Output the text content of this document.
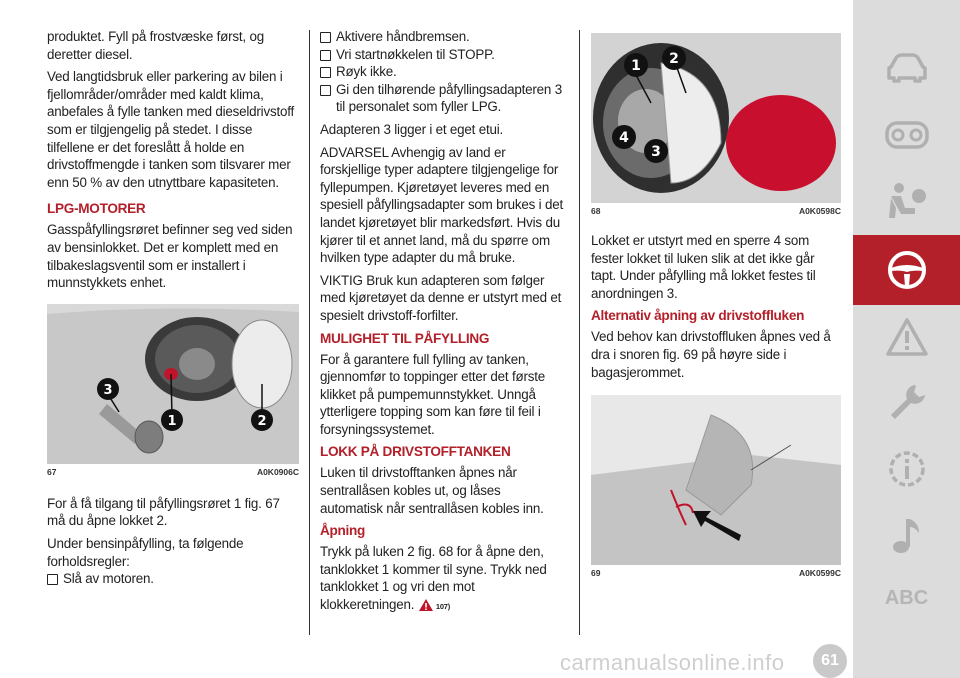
produktet. Fyll på frostvæske først, og deretter diesel.

Ved langtidsbruk eller parkering av bilen i fjellområder/områder med kaldt klima, anbefales å fylle tanken med dieseldrivstoff som er tilgjengelig på stedet. I disse tilfellene er det foreslått å holde en drivstoffmengde i tanken som tilsvarer mer enn 50 % av den utnyttbare kapasiteten.

LPG-MOTORER

Gasspåfyllingsrøret befinner seg ved siden av bensinlokket. Det er komplett med en tilbakeslagsventil som er installert i munnstykkets enhet.

3
1	2
67	A0K0906C

For å få tilgang til påfyllingsrøret 1 fig. 67 må du åpne lokket 2.

Under bensinpåfylling, ta følgende forholdsregler:

Slå av motoren.
Aktivere håndbremsen.
Vri startnøkkelen til STOPP.
Røyk ikke.
Gi den tilhørende påfyllingsadapteren 3 til personalet som fyller LPG.

Adapteren 3 ligger i et eget etui.

ADVARSEL Avhengig av land er forskjellige typer adaptere tilgjengelige for fyllepumpen. Kjøretøyet leveres med en spesiell påfyllingsadapter som brukes i det landet kjøretøyet blir markedsført. Hvis du kjører til et annet land, må du spørre om hvilken type adapter du må bruke.

VIKTIG Bruk kun adapteren som følger med kjøretøyet da denne er utstyrt med et spesielt drivstoff-forfilter.

MULIGHET TIL PÅFYLLING

For å garantere full fylling av tanken, gjennomfør to toppinger etter det første klikket på pumpemunnstykket. Unngå ytterligere topping som kan føre til feil i forsyningssystemet.

LOKK PÅ DRIVSTOFFTANKEN

Luken til drivstofftanken åpnes når sentrallåsen kobles ut, og låses automatisk når sentrallåsen kobles inn.

Åpning

Trykk på luken 2 fig. 68 for å åpne den, tanklokket 1 kommer til syne. Trykk ned tanklokket 1 og vri den mot klokkeretningen.	107)

1 2
4
3
68	A0K0598C

Lokket er utstyrt med en sperre 4 som fester lokket til luken slik at det ikke går tapt. Under påfylling må lokket festes til anordningen 3.

Alternativ åpning av drivstoffluken

Ved behov kan drivstoffluken åpnes ved å dra i snoren fig. 69 på høyre side i bagasjerommet.

69	A0K0599C
ABC
carmanualsonline.info	61
